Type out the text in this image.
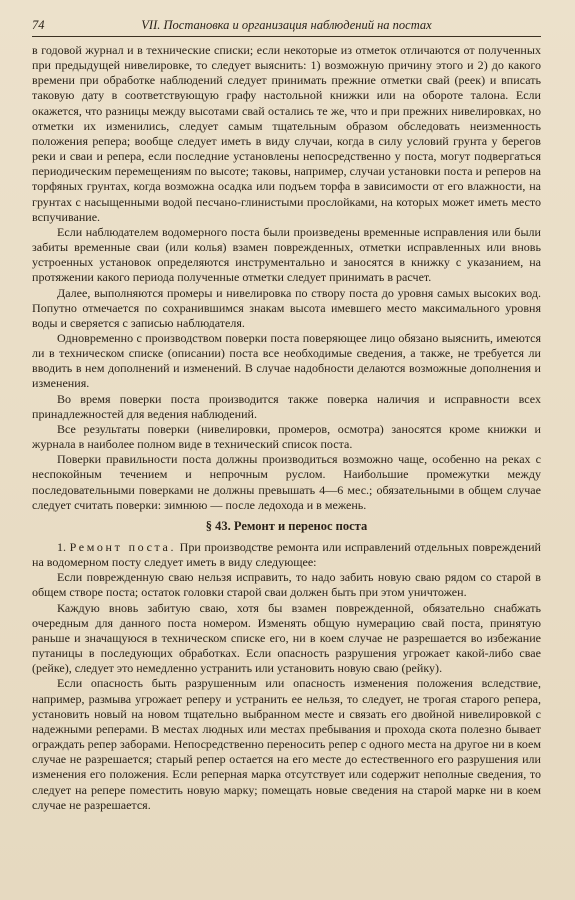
74	VII. Постановка и организация наблюдений на постах

в годовой журнал и в технические списки; если некоторые из отметок отличаются от полученных при предыдущей нивелировке, то следует выяснить: 1) возможную причину этого и 2) до какого времени при обработке наблюдений следует принимать прежние отметки свай (реек) и вписать таковую дату в соответствующую графу настольной книжки или на обороте талона. Если окажется, что разницы между высотами свай остались те же, что и при прежних нивелировках, но отметки их изменились, следует самым тщательным образом обследовать неизменность положения репера; вообще следует иметь в виду случаи, когда в силу условий грунта у берегов реки и сваи и репера, если последние установлены непосредственно у поста, могут подвергаться периодическим перемещениям по высоте; таковы, например, случаи установки поста и реперов на торфяных грунтах, когда возможна осадка или подъем торфа в зависимости от его влажности, на грунтах с насыщенными водой песчано-глинистыми прослойками, на которых может иметь место вспучивание.

Если наблюдателем водомерного поста были произведены временные исправления или были забиты временные сваи (или колья) взамен поврежденных, отметки исправленных или вновь устроенных установок определяются инструментально и заносятся в книжку с указанием, на протяжении какого периода полученные отметки следует принимать в расчет.

Далее, выполняются промеры и нивелировка по створу поста до уровня самых высоких вод. Попутно отмечается по сохранившимся знакам высота имевшего место максимального уровня воды и сверяется с записью наблюдателя.

Одновременно с производством поверки поста поверяющее лицо обязано выяснить, имеются ли в техническом списке (описании) поста все необходимые сведения, а также, не требуется ли вводить в нем дополнений и изменений. В случае надобности делаются возможные дополнения и изменения.

Во время поверки поста производится также поверка наличия и исправности всех принадлежностей для ведения наблюдений.

Все результаты поверки (нивелировки, промеров, осмотра) заносятся кроме книжки и журнала в наиболее полном виде в технический список поста.

Поверки правильности поста должны производиться возможно чаще, особенно на реках с неспокойным течением и непрочным руслом. Наибольшие промежутки между последовательными поверками не должны превышать 4—6 мес.; обязательными в общем случае следует считать поверки: зимнюю — после ледохода и в межень.

§ 43. Ремонт и перенос поста

1. Ремонт поста. При производстве ремонта или исправлений отдельных повреждений на водомерном посту следует иметь в виду следующее:

Если поврежденную сваю нельзя исправить, то надо забить новую сваю рядом со старой в общем створе поста; остаток головки старой сваи должен быть при этом уничтожен.

Каждую вновь забитую сваю, хотя бы взамен поврежденной, обязательно снабжать очередным для данного поста номером. Изменять общую нумерацию свай поста, принятую раньше и значащуюся в техническом списке его, ни в коем случае не разрешается во избежание путаницы в последующих обработках. Если опасность разрушения угрожает какой-либо свае (рейке), следует это немедленно устранить или установить новую сваю (рейку).

Если опасность быть разрушенным или опасность изменения положения вследствие, например, размыва угрожает реперу и устранить ее нельзя, то следует, не трогая старого репера, установить новый на новом тщательно выбранном месте и связать его двойной нивелировкой с надежными реперами. В местах людных или местах пребывания и прохода скота полезно бывает ограждать репер заборами. Непосредственно переносить репер с одного места на другое ни в коем случае не разрешается; старый репер остается на его месте до естественного его разрушения или изменения его положения. Если реперная марка отсутствует или содержит неполные сведения, то следует на репере поместить новую марку; помещать новые сведения на старой марке ни в коем случае не разрешается.
